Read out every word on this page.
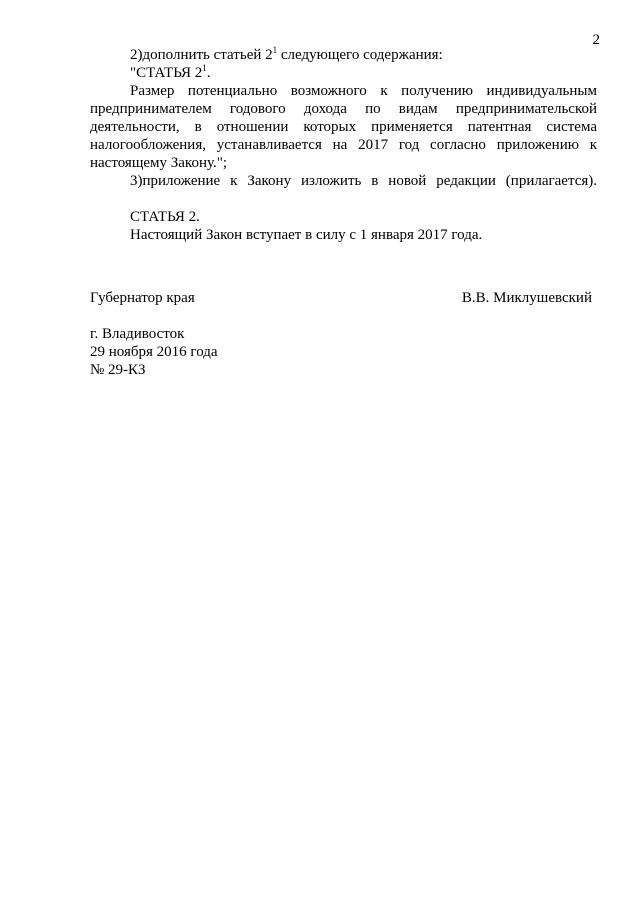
2

2)дополнить статьей $2^1$ следующего содержания:

"СТАТЬЯ $2^1$.

Размер потенциально возможного к получению индивидуальным предпринимателем годового дохода по видам предпринимательской деятельности, в отношении которых применяется патентная система налогообложения, устанавливается на 2017 год согласно приложению к настоящему Закону.";

3)приложение к Закону изложить в новой редакции (прилагается).

СТАТЬЯ 2.

Настоящий Закон вступает в силу с 1 января 2017 года.

Губернатор края	В.В. Миклушевский
г. Владивосток
29 ноября 2016 года
№ 29-КЗ
